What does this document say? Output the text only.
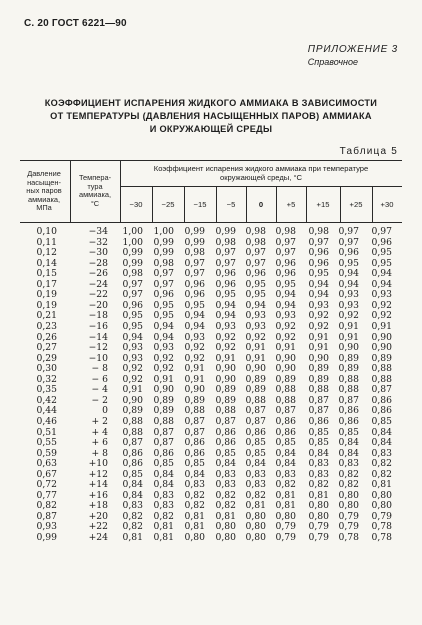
С. 20 ГОСТ 6221—90
ПРИЛОЖЕНИЕ 3
Справочное
КОЭФФИЦИЕНТ ИСПАРЕНИЯ ЖИДКОГО АММИАКА В ЗАВИСИМОСТИ
ОТ ТЕМПЕРАТУРЫ (ДАВЛЕНИЯ НАСЫЩЕННЫХ ПАРОВ) АММИАКА
И ОКРУЖАЮЩЕЙ СРЕДЫ
Таблица 5
Давление
насыщен-
ных паров
аммиака,
МПа
Темпера-
тура
аммиака,
°С
Коэффициент испарения жидкого аммиака при температуре
окружающей среды, °С
−30	−25	−15	−5	0	+5	+15	+25	+30
0,10	−34	1,00	1,00	0,99	0,99	0,98	0,98	0,98	0,97	0,97
0,11	−32	1,00	0,99	0,99	0,98	0,98	0,97	0,97	0,97	0,96
0,12	−30	0,99	0,99	0,98	0,97	0,97	0,97	0,96	0,96	0,95
0,14	−28	0,99	0,98	0,97	0,97	0,97	0,96	0,96	0,95	0,95
0,15	−26	0,98	0,97	0,97	0,96	0,96	0,96	0,95	0,94	0,94
0,17	−24	0,97	0,97	0,96	0,96	0,95	0,95	0,94	0,94	0,94
0,19	−22	0,97	0,96	0,96	0,95	0,95	0,94	0,94	0,93	0,93
0,19	−20	0,96	0,95	0,95	0,94	0,94	0,94	0,93	0,93	0,92
0,21	−18	0,95	0,95	0,94	0,94	0,93	0,93	0,92	0,92	0,92
0,23	−16	0,95	0,94	0,94	0,93	0,93	0,92	0,92	0,91	0,91
0,26	−14	0,94	0,94	0,93	0,92	0,92	0,92	0,91	0,91	0,90
0,27	−12	0,93	0,93	0,92	0,92	0,91	0,91	0,91	0,90	0,90
0,29	−10	0,93	0,92	0,92	0,91	0,91	0,90	0,90	0,89	0,89
0,30	− 8	0,92	0,92	0,91	0,90	0,90	0,90	0,89	0,89	0,88
0,32	− 6	0,92	0,91	0,91	0,90	0,89	0,89	0,89	0,88	0,88
0,35	− 4	0,91	0,90	0,90	0,89	0,89	0,88	0,88	0,88	0,87
0,42	− 2	0,90	0,89	0,89	0,89	0,88	0,88	0,87	0,87	0,86
0,44	0	0,89	0,89	0,88	0,88	0,87	0,87	0,87	0,86	0,86
0,46	+ 2	0,88	0,88	0,87	0,87	0,87	0,86	0,86	0,86	0,85
0,51	+ 4	0,88	0,87	0,87	0,86	0,86	0,86	0,85	0,85	0,84
0,55	+ 6	0,87	0,87	0,86	0,86	0,85	0,85	0,85	0,84	0,84
0,59	+ 8	0,86	0,86	0,86	0,85	0,85	0,84	0,84	0,84	0,83
0,63	+10	0,86	0,85	0,85	0,84	0,84	0,84	0,83	0,83	0,82
0,67	+12	0,85	0,84	0,84	0,83	0,83	0,83	0,83	0,82	0,82
0,72	+14	0,84	0,84	0,83	0,83	0,83	0,82	0,82	0,82	0,81
0,77	+16	0,84	0,83	0,82	0,82	0,82	0,81	0,81	0,80	0,80
0,82	+18	0,83	0,83	0,82	0,82	0,81	0,81	0,80	0,80	0,80
0,87	+20	0,82	0,82	0,81	0,81	0,80	0,80	0,80	0,79	0,79
0,93	+22	0,82	0,81	0,81	0,80	0,80	0,79	0,79	0,79	0,78
0,99	+24	0,81	0,81	0,80	0,80	0,80	0,79	0,79	0,78	0,78
